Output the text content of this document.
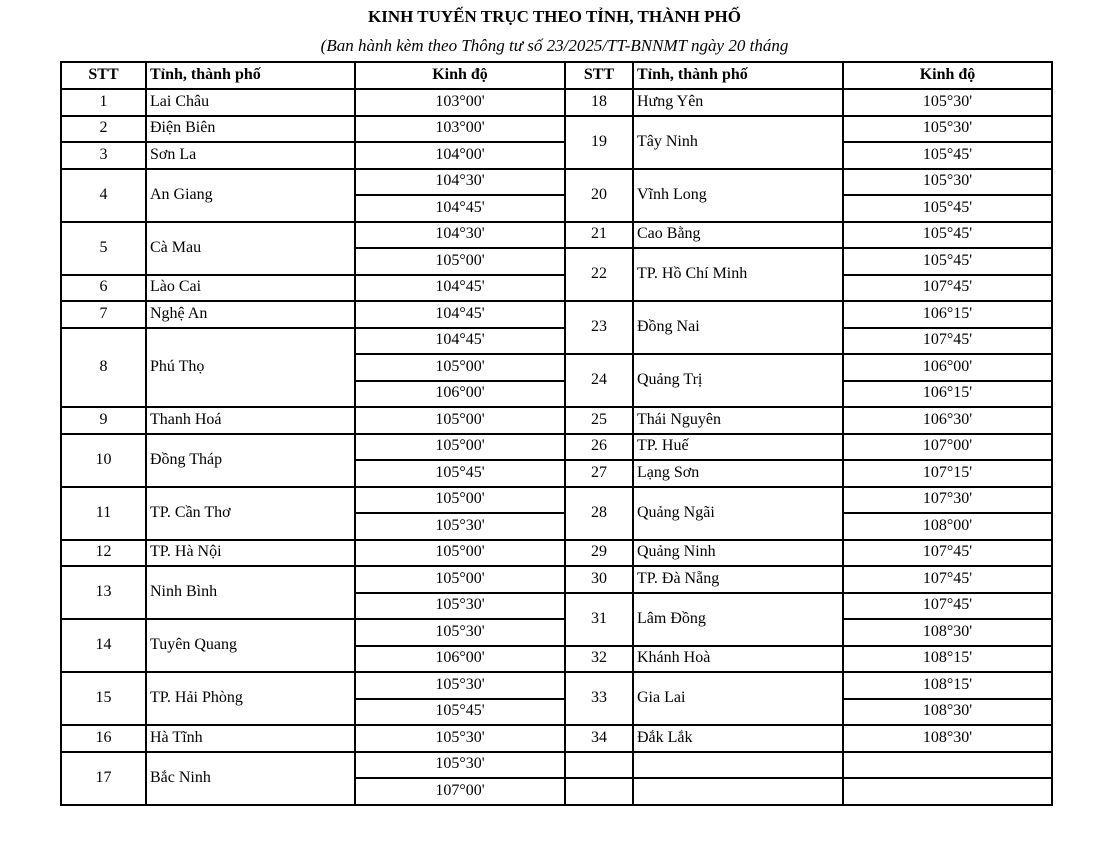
KINH TUYẾN TRỤC THEO TỈNH, THÀNH PHỐ
(Ban hành kèm theo Thông tư số 23/2025/TT-BNNMT ngày 20 tháng
STT	Tỉnh, thành phố	Kinh độ
1	Lai Châu	103°00'
2	Điện Biên	103°00'
3	Sơn La	104°00'
4	An Giang
104°30'
104°45'
5	Cà Mau
104°30'
105°00'
6	Lào Cai	104°45'
7	Nghệ An	104°45'
8	Phú Thọ
104°45'
105°00'
106°00'
9	Thanh Hoá	105°00'
10	Đồng Tháp
105°00'
105°45'
11	TP. Cần Thơ
105°00'
105°30'
12	TP. Hà Nội	105°00'
13	Ninh Bình
105°00'
105°30'
14	Tuyên Quang
105°30'
106°00'
15	TP. Hải Phòng
105°30'
105°45'
16	Hà Tĩnh	105°30'
17	Bắc Ninh
105°30'
107°00'
STT	Tỉnh, thành phố	Kinh độ
18	Hưng Yên	105°30'
19	Tây Ninh
105°30'
105°45'
20	Vĩnh Long
105°30'
105°45'
21	Cao Bằng	105°45'
22	TP. Hồ Chí Minh
105°45'
107°45'
23	Đồng Nai
106°15'
107°45'
24	Quảng Trị
106°00'
106°15'
25	Thái Nguyên	106°30'
26	TP. Huế	107°00'
27	Lạng Sơn	107°15'
28	Quảng Ngãi
107°30'
108°00'
29	Quảng Ninh	107°45'
30	TP. Đà Nẵng	107°45'
31	Lâm Đồng
107°45'
108°30'
32	Khánh Hoà	108°15'
33	Gia Lai
108°15'
108°30'
34	Đắk Lắk	108°30'
